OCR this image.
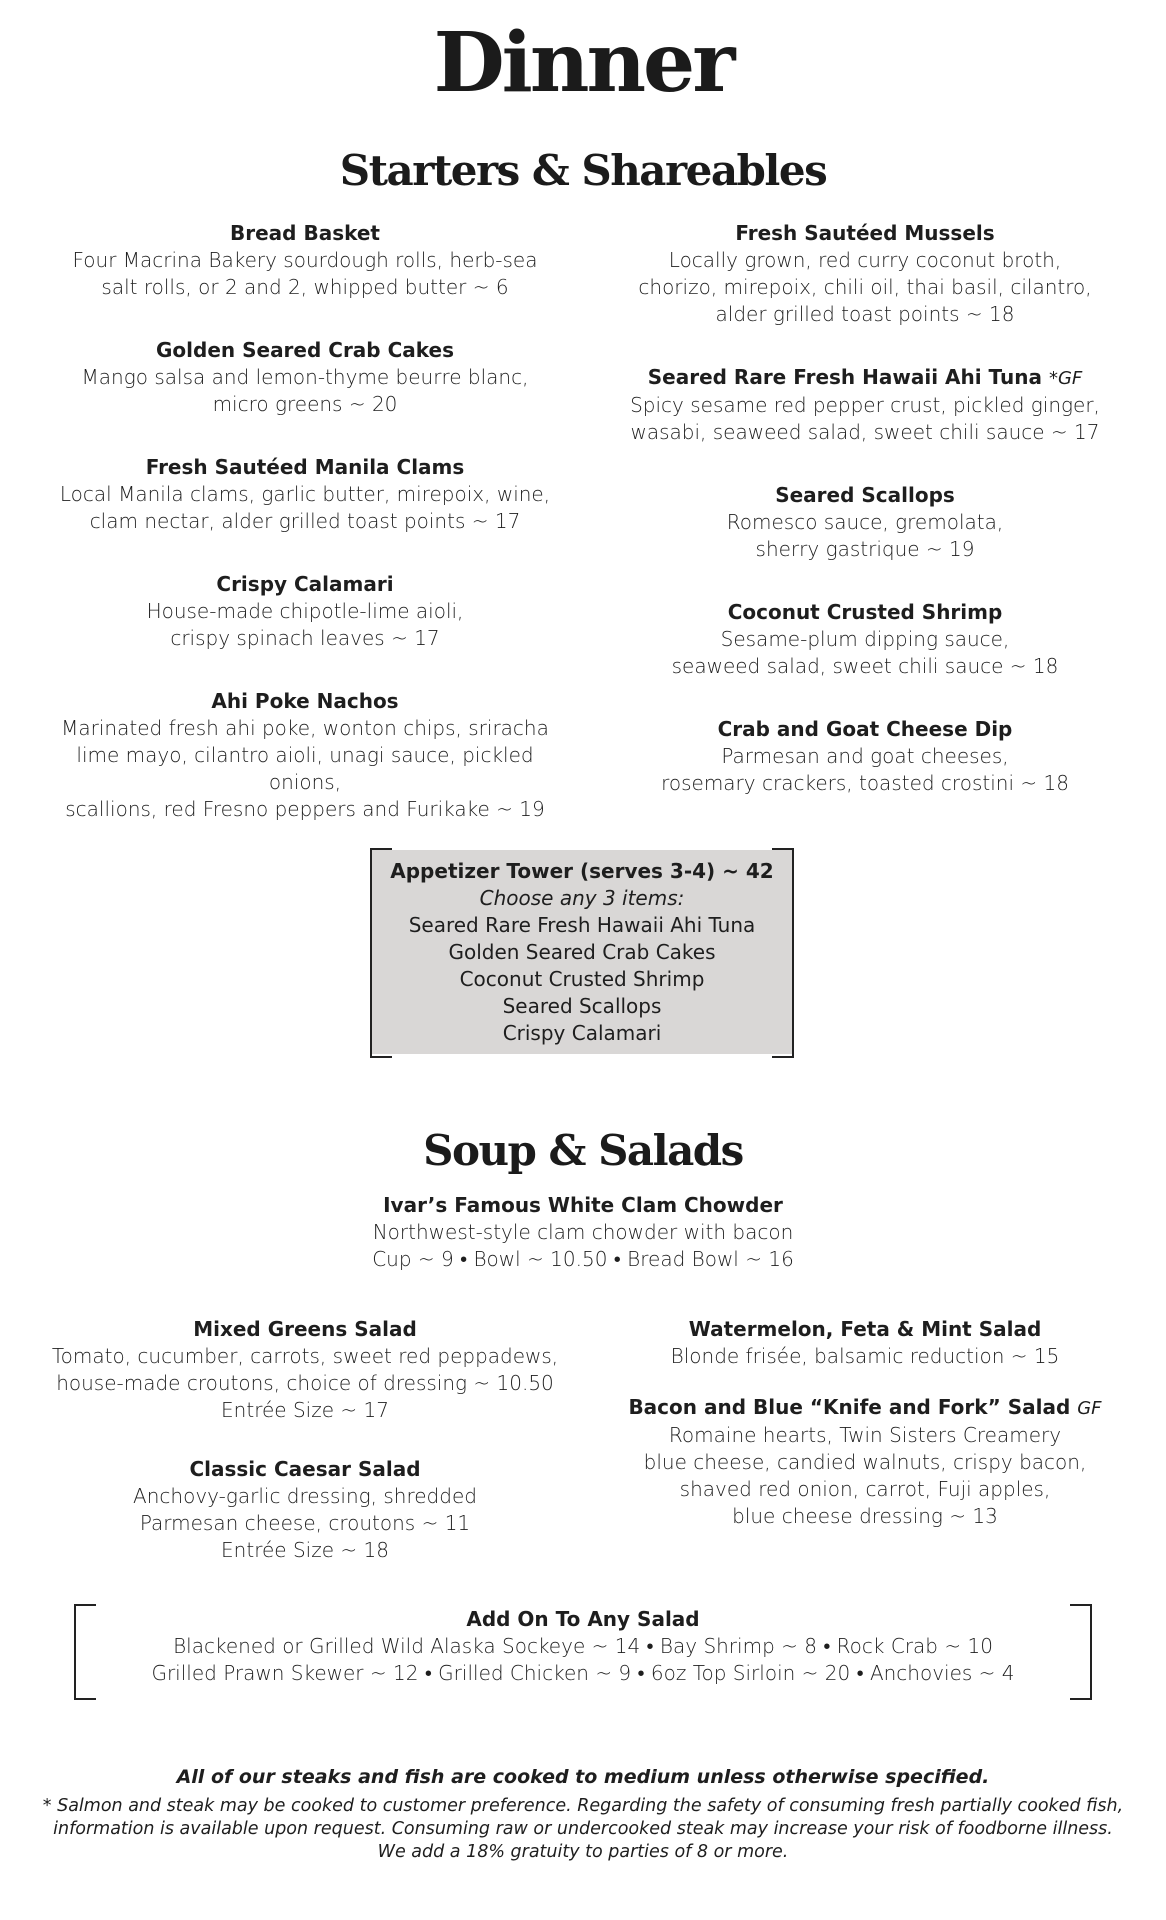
Dinner
Starters & Shareables
Bread Basket
Four Macrina Bakery sourdough rolls, herb-sea
salt rolls, or 2 and 2, whipped butter ~ 6
Golden Seared Crab Cakes
Mango salsa and lemon-thyme beurre blanc,
micro greens ~ 20
Fresh Sautéed Manila Clams
Local Manila clams, garlic butter, mirepoix, wine,
clam nectar, alder grilled toast points ~ 17
Crispy Calamari
House-made chipotle-lime aioli,
crispy spinach leaves ~ 17
Ahi Poke Nachos
Marinated fresh ahi poke, wonton chips, sriracha
lime mayo, cilantro aioli, unagi sauce, pickled onions,
scallions, red Fresno peppers and Furikake ~ 19
Fresh Sautéed Mussels
Locally grown, red curry coconut broth,
chorizo, mirepoix, chili oil, thai basil, cilantro,
alder grilled toast points ~ 18
Seared Rare Fresh Hawaii Ahi Tuna *GF
Spicy sesame red pepper crust, pickled ginger,
wasabi, seaweed salad, sweet chili sauce ~ 17
Seared Scallops
Romesco sauce, gremolata,
sherry gastrique ~ 19
Coconut Crusted Shrimp
Sesame-plum dipping sauce,
seaweed salad, sweet chili sauce ~ 18
Crab and Goat Cheese Dip
Parmesan and goat cheeses,
rosemary crackers, toasted crostini ~ 18
Appetizer Tower (serves 3-4) ~ 42
Choose any 3 items:
Seared Rare Fresh Hawaii Ahi Tuna
Golden Seared Crab Cakes
Coconut Crusted Shrimp
Seared Scallops
Crispy Calamari
Soup & Salads
Ivar’s Famous White Clam Chowder
Northwest-style clam chowder with bacon
Cup ~ 9 • Bowl ~ 10.50 • Bread Bowl ~ 16
Mixed Greens Salad
Tomato, cucumber, carrots, sweet red peppadews,
house-made croutons, choice of dressing ~ 10.50
Entrée Size ~ 17
Classic Caesar Salad
Anchovy-garlic dressing, shredded
Parmesan cheese, croutons ~ 11
Entrée Size ~ 18
Watermelon, Feta & Mint Salad
Blonde frisée, balsamic reduction ~ 15
Bacon and Blue “Knife and Fork” Salad GF
Romaine hearts, Twin Sisters Creamery
blue cheese, candied walnuts, crispy bacon,
shaved red onion, carrot, Fuji apples,
blue cheese dressing ~ 13
Add On To Any Salad
Blackened or Grilled Wild Alaska Sockeye ~ 14 • Bay Shrimp ~ 8 • Rock Crab ~ 10
Grilled Prawn Skewer ~ 12 • Grilled Chicken ~ 9 • 6oz Top Sirloin ~ 20 • Anchovies ~ 4
All of our steaks and fish are cooked to medium unless otherwise specified.
* Salmon and steak may be cooked to customer preference. Regarding the safety of consuming fresh partially cooked fish,
information is available upon request. Consuming raw or undercooked steak may increase your risk of foodborne illness.
We add a 18% gratuity to parties of 8 or more.
